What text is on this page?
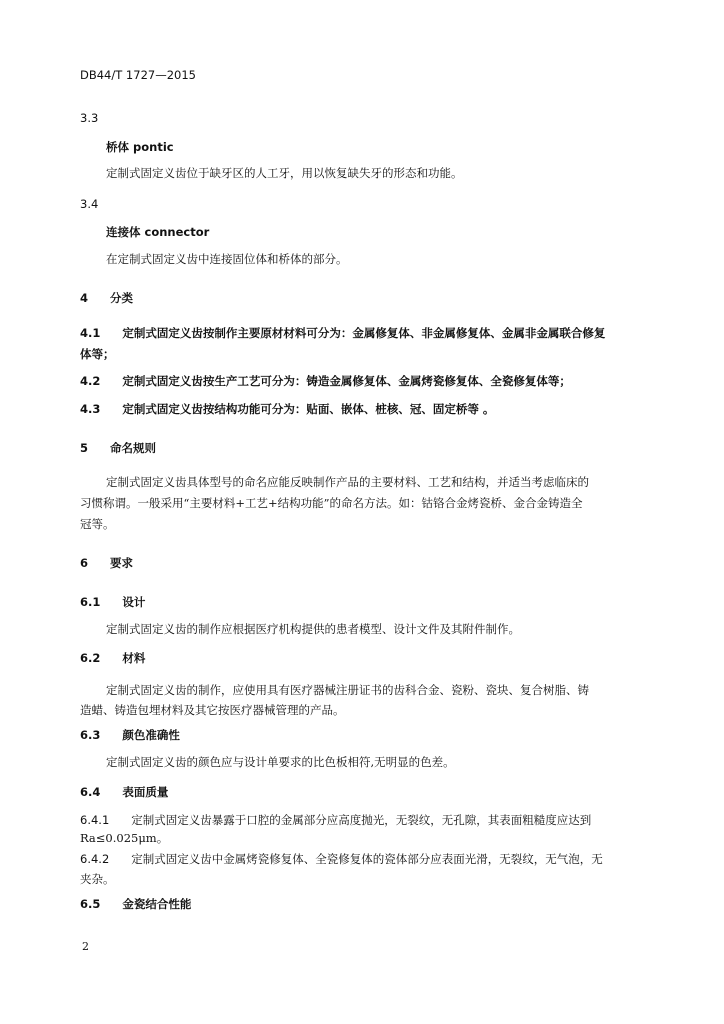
DB44/T 1727—2015
3.3
桥体 pontic
定制式固定义齿位于缺牙区的人工牙，用以恢复缺失牙的形态和功能。
3.4
连接体 connector
在定制式固定义齿中连接固位体和桥体的部分。
4 分类
4.1 定制式固定义齿按制作主要原材材料可分为：金属修复体、非金属修复体、金属非金属联合修复
体等；
4.2 定制式固定义齿按生产工艺可分为：铸造金属修复体、金属烤瓷修复体、全瓷修复体等；
4.3 定制式固定义齿按结构功能可分为：贴面、嵌体、桩核、冠、固定桥等 。
5 命名规则
定制式固定义齿具体型号的命名应能反映制作产品的主要材料、工艺和结构，并适当考虑临床的
习惯称谓。一般采用“主要材料+工艺+结构功能”的命名方法。如：钴铬合金烤瓷桥、金合金铸造全
冠等。
6 要求
6.1 设计
定制式固定义齿的制作应根据医疗机构提供的患者模型、设计文件及其附件制作。
6.2 材料
定制式固定义齿的制作，应使用具有医疗器械注册证书的齿科合金、瓷粉、瓷块、复合树脂、铸
造蜡、铸造包埋材料及其它按医疗器械管理的产品。
6.3 颜色准确性
定制式固定义齿的颜色应与设计单要求的比色板相符,无明显的色差。
6.4 表面质量
6.4.1 定制式固定义齿暴露于口腔的金属部分应高度抛光，无裂纹，无孔隙，其表面粗糙度应达到
Ra≤0.025μm。
6.4.2 定制式固定义齿中金属烤瓷修复体、全瓷修复体的瓷体部分应表面光滑，无裂纹，无气泡，无
夹杂。
6.5 金瓷结合性能
2
